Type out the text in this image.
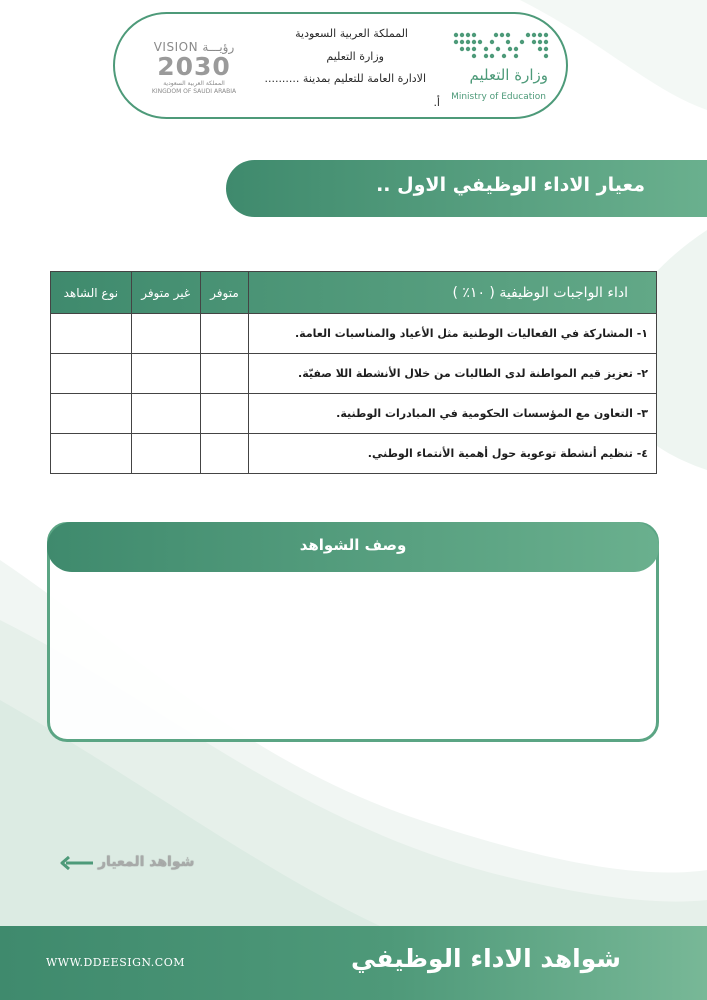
وزارة التعليم
Ministry of Education
المملكة العربية السعودية
وزارة التعليم
الادارة العامة للتعليم بمدينة ..........
أ.
VISION رؤيـــة
2030
المملكة العربية السعودية
KINGDOM OF SAUDI ARABIA
معيار الاداء الوظيفي الاول ..
نوع الشاهد	غير متوفر	متوفر	اداء الواجبات الوظيفية ( ١٠٪ )
			١- المشاركة في الفعاليات الوطنية مثل الأعياد والمناسبات العامة.
			٢- تعزيز قيم المواطنة لدى الطالبات من خلال الأنشطة اللا صفيّة.
			٣- التعاون مع المؤسسات الحكومية في المبادرات الوطنية.
			٤- تنظيم أنشطة توعوية حول أهمية الأنتماء الوطني.
وصف الشواهد
شواهد المعيار
WWW.DDEESIGN.COM	شواهد الاداء الوظيفي
